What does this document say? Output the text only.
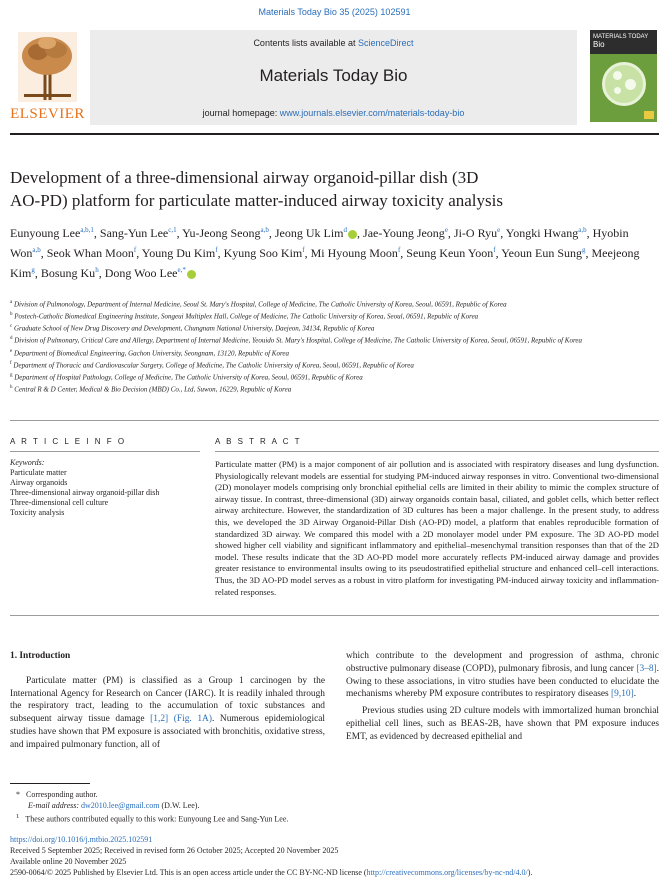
Materials Today Bio 35 (2025) 102591
ELSEVIER
Contents lists available at ScienceDirect
Materials Today Bio
journal homepage: www.journals.elsevier.com/materials-today-bio
MATERIALS TODAY
Bio
Development of a three-dimensional airway organoid-pillar dish (3D
AO-PD) platform for particulate matter-induced airway toxicity analysis
Eunyoung Lee$^{a,b,1}$, Sang-Yun Lee$^{c,1}$, Yu-Jeong Seong$^{a,b}$, Jeong Uk Lim$^d$ , Jae-Young Jeong$^e$, Ji-O Ryu$^e$, Yongki Hwang$^{a,b}$, Hyobin Won$^{a,b}$, Seok Whan Moon$^f$, Young Du Kim$^f$, Kyung Soo Kim$^f$, Mi Hyoung Moon$^f$, Seung Keun Yoon$^f$, Yeoun Eun Sung$^g$, Meejeong Kim$^g$, Bosung Ku$^h$, Dong Woo Lee$^{e,*}$

$^a$ Division of Pulmonology, Department of Internal Medicine, Seoul St. Mary's Hospital, College of Medicine, The Catholic University of Korea, Seoul, 06591, Republic of Korea

$^b$ Postech-Catholic Biomedical Engineering Institute, Songeui Multiplex Hall, College of Medicine, The Catholic University of Korea, Seoul, 06591, Republic of Korea

$^c$ Graduate School of New Drug Discovery and Development, Chungnam National University, Daejeon, 34134, Republic of Korea

$^d$ Division of Pulmonary, Critical Care and Allergy, Department of Internal Medicine, Yeouido St. Mary's Hospital, College of Medicine, The Catholic University of Korea, Seoul, 06591, Republic of Korea

$^e$ Department of Biomedical Engineering, Gachon University, Seongnam, 13120, Republic of Korea

$^f$ Department of Thoracic and Cardiovascular Surgery, College of Medicine, The Catholic University of Korea, Seoul, 06591, Republic of Korea

$^g$ Department of Hospital Pathology, College of Medicine, The Catholic University of Korea, Seoul, 06591, Republic of Korea

$^h$ Central R & D Center, Medical & Bio Decision (MBD) Co., Ltd, Suwon, 16229, Republic of Korea

A R T I C L E I N F O	A B S T R A C T
Keywords:
Particulate matter
Airway organoids
Three-dimensional airway organoid-pillar dish
Three-dimensional cell culture
Toxicity analysis
Particulate matter (PM) is a major component of air pollution and is associated with respiratory diseases and lung dysfunction. Physiologically relevant models are essential for studying PM-induced airway responses in vitro. Conventional two-dimensional (2D) monolayer models comprising only bronchial epithelial cells are limited in their ability to mimic the complex structure of airway tissue. In contrast, three-dimensional (3D) airway organoids contain basal, ciliated, and goblet cells, which better reflect airway architecture. However, the standardization of 3D cultures has been a major challenge. In the present study, to address this, we developed the 3D Airway Organoid-Pillar Dish (AO-PD) model, a platform that enables reproducible formation of standardized 3D airway. We compared this model with a 2D monolayer model under PM exposure. The 3D AO-PD model showed higher cell viability and significant inflammatory and epithelial–mesenchymal transition responses than that of the 2D model. These results indicate that the 3D AO-PD model more accurately reflects PM-induced airway damage and provides greater resistance to environmental insults owing to its pseudostratified epithelial structure and enhanced cell–cell interactions. Thus, the 3D AO-PD model serves as a robust in vitro platform for investigating PM-induced airway toxicity and inflammation-related responses.

1. Introduction

Particulate matter (PM) is classified as a Group 1 carcinogen by the International Agency for Research on Cancer (IARC). It is readily inhaled through the respiratory tract, leading to the accumulation of toxic substances and subsequent airway tissue damage [1,2] (Fig. 1A). Numerous epidemiological studies have shown that PM exposure is associated with bronchitis, oxidative stress, and impaired pulmonary function, all of

which contribute to the development and progression of asthma, chronic obstructive pulmonary disease (COPD), pulmonary fibrosis, and lung cancer [3–8]. Owing to these associations, in vitro studies have been conducted to elucidate the mechanisms whereby PM exposure contributes to respiratory diseases [9,10].

Previous studies using 2D culture models with immortalized human bronchial epithelial cell lines, such as BEAS-2B, have shown that PM exposure induces EMT, as evidenced by decreased epithelial and

* Corresponding author.

E-mail address: dw2010.lee@gmail.com (D.W. Lee).

$^1$ These authors contributed equally to this work: Eunyoung Lee and Sang-Yun Lee.

https://doi.org/10.1016/j.mtbio.2025.102591

Received 5 September 2025; Received in revised form 26 October 2025; Accepted 20 November 2025

Available online 20 November 2025

2590-0064/© 2025 Published by Elsevier Ltd. This is an open access article under the CC BY-NC-ND license (http://creativecommons.org/licenses/by-nc-nd/4.0/).
